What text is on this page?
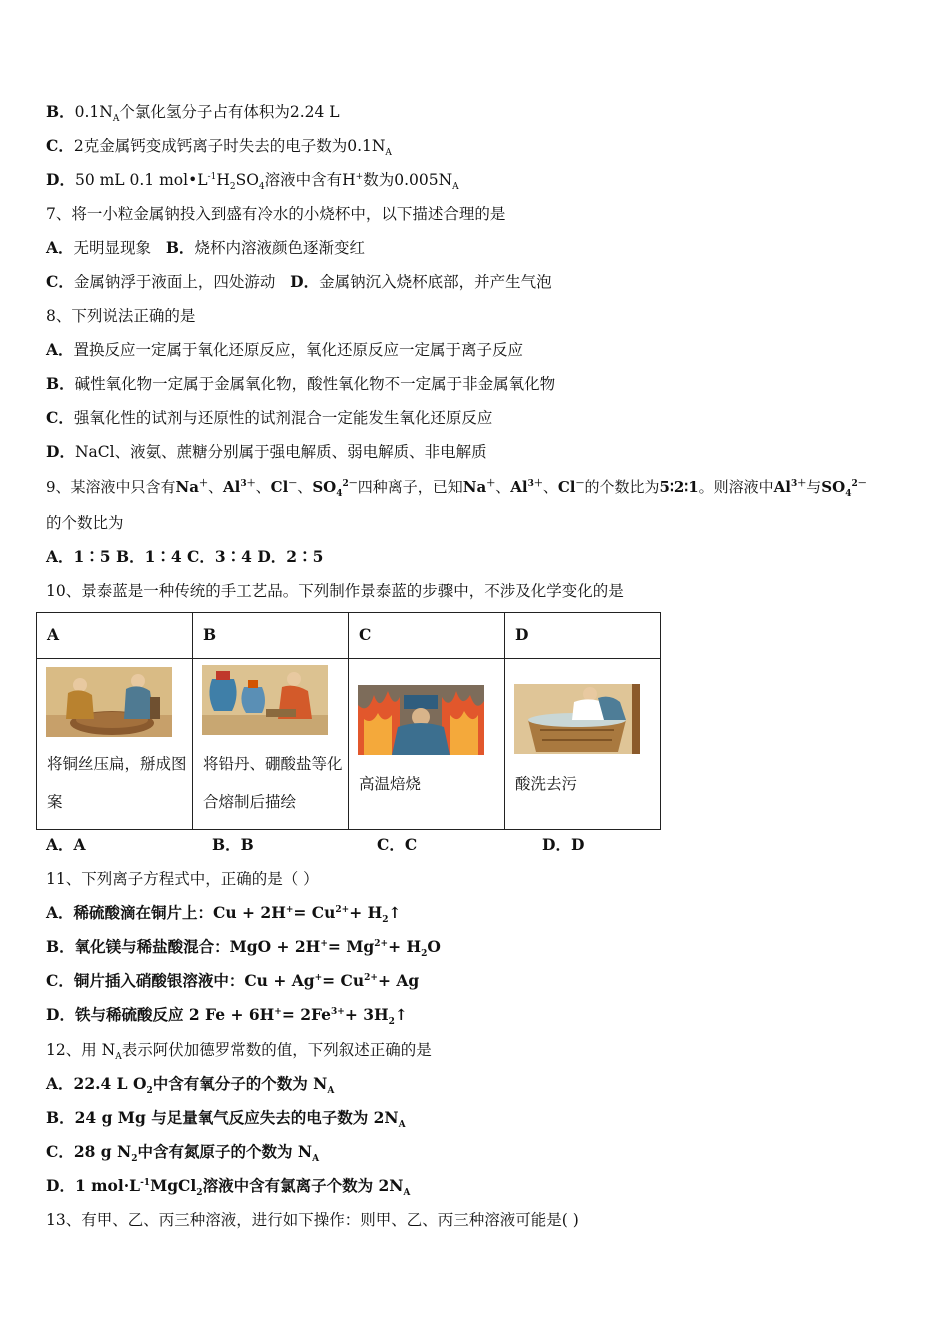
B．$0.1N_A$个氯化氢分子占有体积为2.24 L
C．2克金属钙变成钙离子时失去的电子数为$0.1N_A$
D．50 mL 0.1 $mol•L^{-1}H_2SO_4$溶液中含有H+数为$0.005N_A$
7、将一小粒金属钠投入到盛有冷水的小烧杯中，以下描述合理的是
A．无明显现象 B．烧杯内溶液颜色逐渐变红
C．金属钠浮于液面上，四处游动 D．金属钠沉入烧杯底部，并产生气泡
8、下列说法正确的是
A．置换反应一定属于氧化还原反应，氧化还原反应一定属于离子反应
B．碱性氧化物一定属于金属氧化物，酸性氧化物不一定属于非金属氧化物
C．强氧化性的试剂与还原性的试剂混合一定能发生氧化还原反应
D．NaCl、液氨、蔗糖分别属于强电解质、弱电解质、非电解质
9、某溶液中只含有Na＋、$Al^{3+}$、Cl－、$SO_4^{2-}$四种离子，已知Na＋、$Al^{3+}$、Cl－的个数比为5∶2∶1。则溶液中$Al^{3+}$与$SO_4^{2-}$
的个数比为
A．1∶5 B．1∶4 C．3∶4 D．2∶5
10、景泰蓝是一种传统的手工艺品。下列制作景泰蓝的步骤中，不涉及化学变化的是
A	B	C	D

将铜丝压扁，掰成图案	将铅丹、硼酸盐等化合熔制后描绘	高温焙烧	酸洗去污
A．A	B．B	C．C	D．D
11、下列离子方程式中，正确的是（ ）
A．稀硫酸滴在铜片上：$Cu + 2H^+= Cu^{2+}+$ $H_2↑$
B．氧化镁与稀盐酸混合：MgO + $2H^+= Mg^{2+}+ H_2O$
C．铜片插入硝酸银溶液中：$Cu + Ag^+= Cu^{2+}+ Ag$
D．铁与稀硫酸反应 2 $Fe + 6H^+= 2Fe^{3+}+$ $3H_2↑$
12、用 $N_A$表示阿伏加德罗常数的值，下列叙述正确的是
A．22.4 L $O_2$中含有氧分子的个数为 $N_A$
B．24 g Mg 与足量氧气反应失去的电子数为 $2N_A$
C．28 g $N_2$中含有氮原子的个数为 $N_A$
D．1 $mol\cdot L^{-1}MgCl_2$溶液中含有氯离子个数为 $2N_A$
13、有甲、乙、丙三种溶液，进行如下操作：则甲、乙、丙三种溶液可能是( )
